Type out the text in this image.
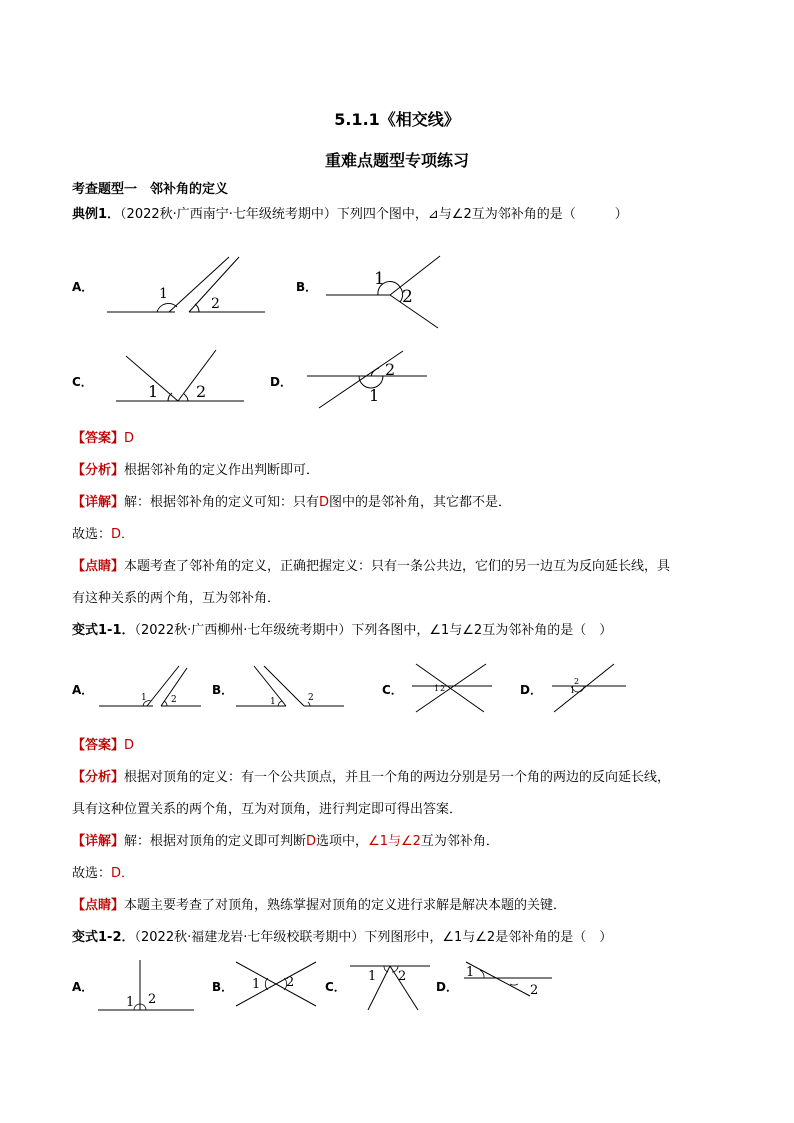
5.1.1《相交线》
重难点题型专项练习
考查题型一　邻补角的定义
典例1．（2022秋·广西南宁·七年级统考期中）下列四个图中，⊿与∠2互为邻补角的是（　　　）
A．	1
2
B．	1
2
C．	1 2	D．
2
1
【答案】D
【分析】根据邻补角的定义作出判断即可．
【详解】解：根据邻补角的定义可知：只有D图中的是邻补角，其它都不是．
故选：D．
【点睛】本题考查了邻补角的定义，正确把握定义：只有一条公共边，它们的另一边互为反向延长线，具
有这种关系的两个角，互为邻补角．
变式1-1．（2022秋·广西柳州·七年级统考期中）下列各图中，∠1与∠2互为邻补角的是（　）
A．
1	2
B．
1	2
C．	1 2	D．
2
1
【答案】D
【分析】根据对顶角的定义：有一个公共顶点，并且一个角的两边分别是另一个角的两边的反向延长线，
具有这种位置关系的两个角，互为对顶角，进行判定即可得出答案．
【详解】解：根据对顶角的定义即可判断D选项中，∠1与∠2互为邻补角．
故选：D．
【点睛】本题主要考查了对顶角，熟练掌握对顶角的定义进行求解是解决本题的关键．
变式1-2．（2022秋·福建龙岩·七年级校联考期中）下列图形中，∠1与∠2是邻补角的是（　）
A．
1 2
B． 1 2	C．
1 2
D．
1
2
